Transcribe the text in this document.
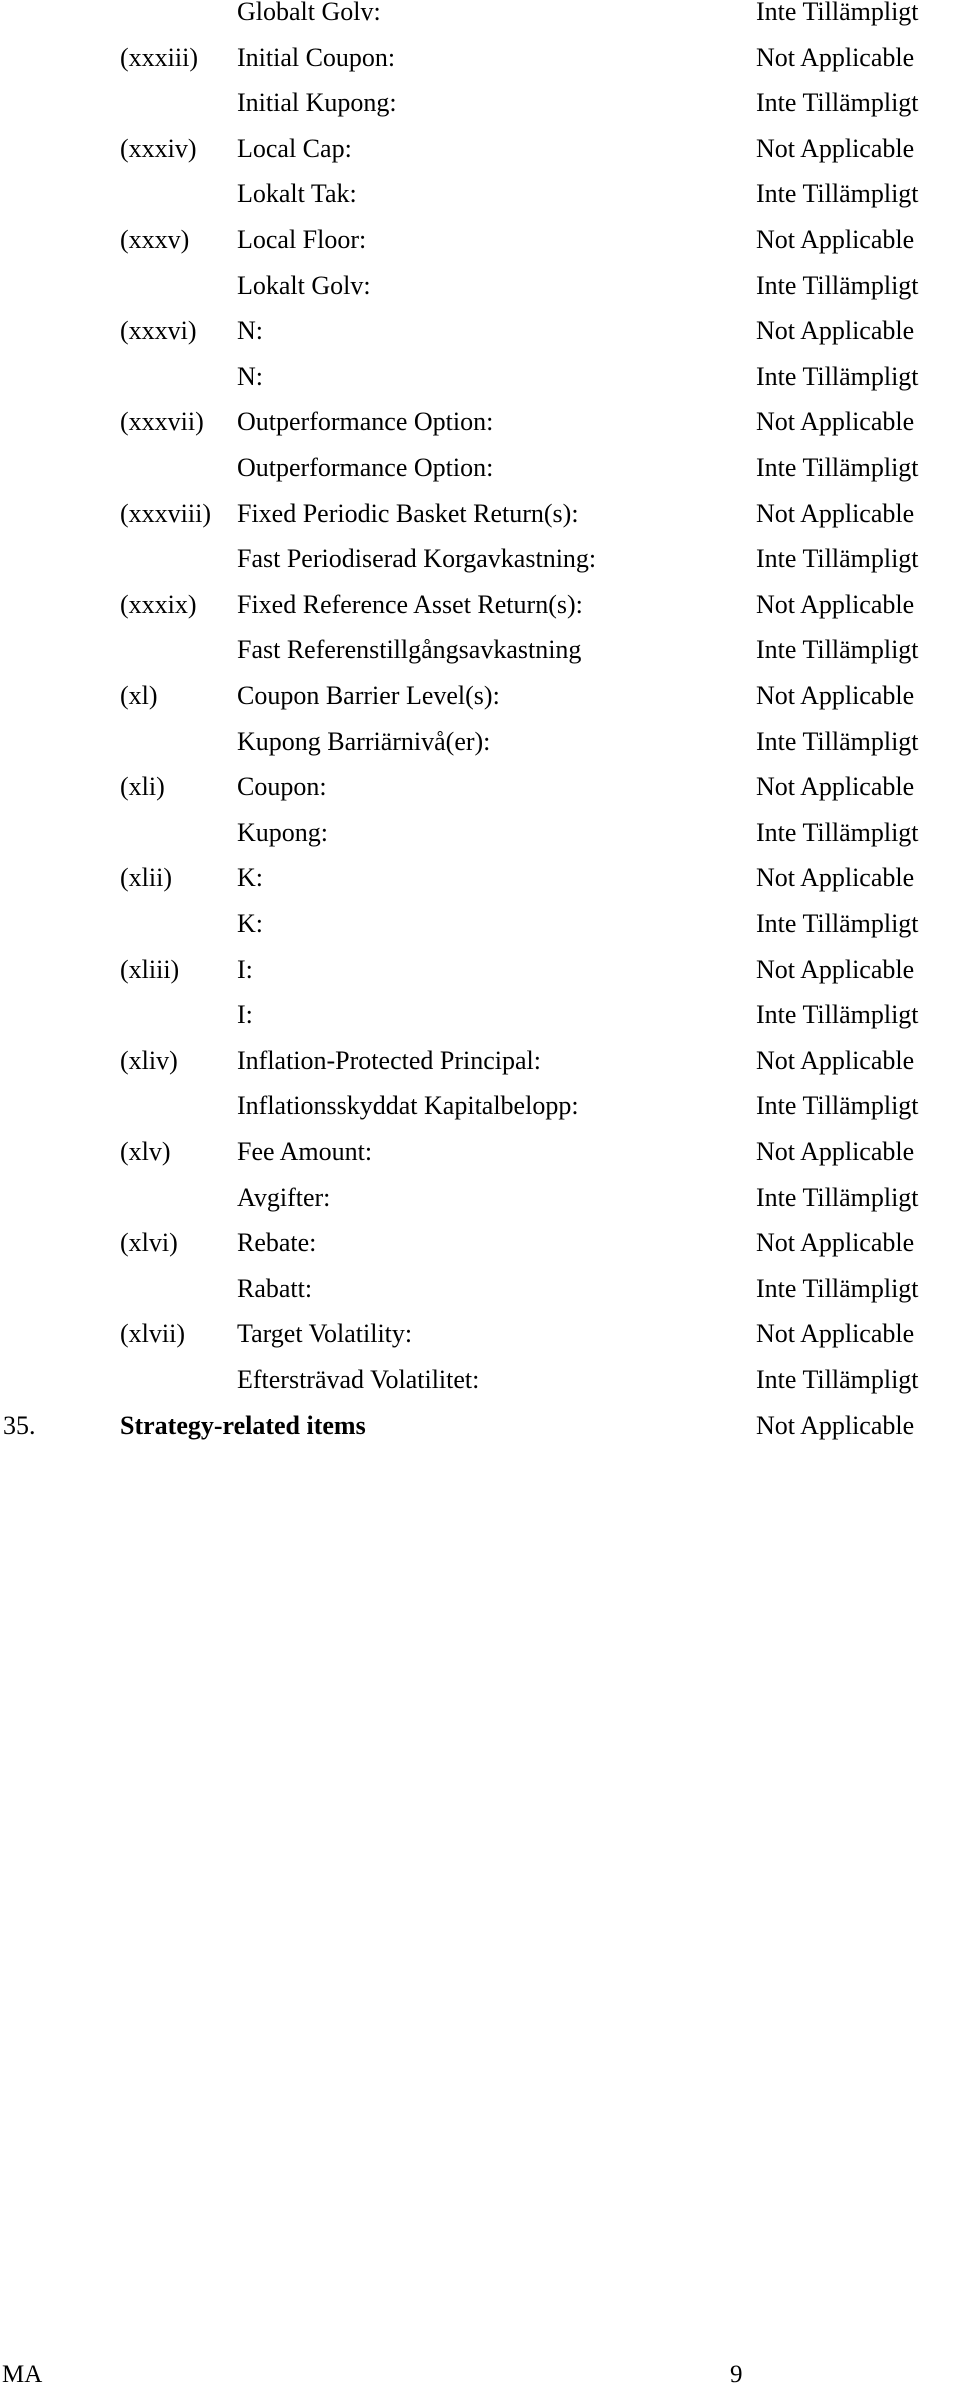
Globalt Golv:	Inte Tillämpligt
(xxxiii) Initial Coupon:	Not Applicable
Initial Kupong:	Inte Tillämpligt
(xxxiv) Local Cap:	Not Applicable
Lokalt Tak:	Inte Tillämpligt
(xxxv) Local Floor:	Not Applicable
Lokalt Golv:	Inte Tillämpligt
(xxxvi) N:	Not Applicable
N:	Inte Tillämpligt
(xxxvii) Outperformance Option:	Not Applicable
Outperformance Option:	Inte Tillämpligt
(xxxviii) Fixed Periodic Basket Return(s):	Not Applicable
Fast Periodiserad Korgavkastning:	Inte Tillämpligt
(xxxix) Fixed Reference Asset Return(s):	Not Applicable
Fast Referenstillgångsavkastning	Inte Tillämpligt
(xl)	Coupon Barrier Level(s):	Not Applicable
Kupong Barriärnivå(er):	Inte Tillämpligt
(xli)	Coupon:	Not Applicable
Kupong:	Inte Tillämpligt
(xlii)	K:	Not Applicable
K:	Inte Tillämpligt
(xliii) I:	Not Applicable
I:	Inte Tillämpligt
(xliv) Inflation-Protected Principal:	Not Applicable
Inflationsskyddat Kapitalbelopp:	Inte Tillämpligt
(xlv)	Fee Amount:	Not Applicable
Avgifter:	Inte Tillämpligt
(xlvi) Rebate:	Not Applicable
Rabatt:	Inte Tillämpligt
(xlvii) Target Volatility:	Not Applicable
Eftersträvad Volatilitet:	Inte Tillämpligt
35.	Strategy-related items	Not Applicable
MA	9
